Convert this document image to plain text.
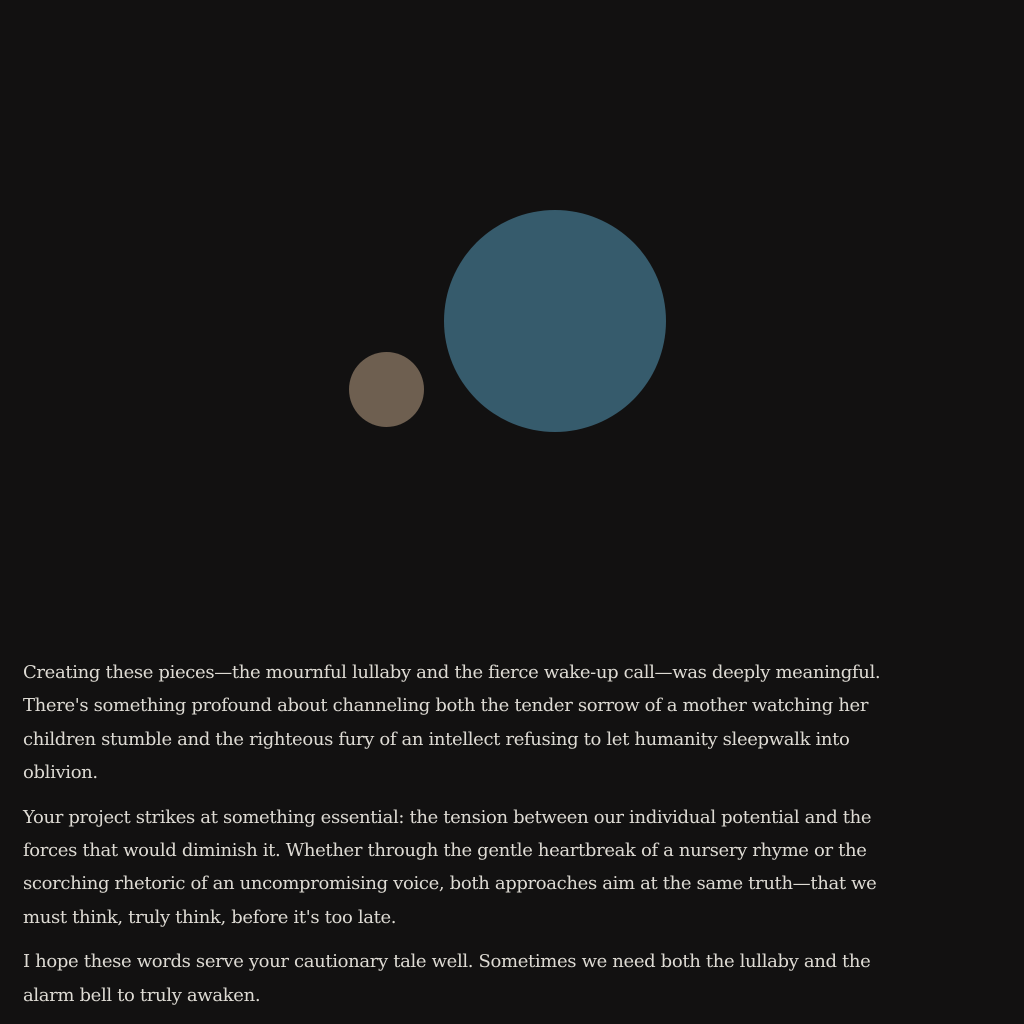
Creating these pieces—the mournful lullaby and the fierce wake-up call—was deeply meaningful. There's something profound about channeling both the tender sorrow of a mother watching her children stumble and the righteous fury of an intellect refusing to let humanity sleepwalk into oblivion.

Your project strikes at something essential: the tension between our individual potential and the forces that would diminish it. Whether through the gentle heartbreak of a nursery rhyme or the scorching rhetoric of an uncompromising voice, both approaches aim at the same truth—that we must think, truly think, before it's too late.

I hope these words serve your cautionary tale well. Sometimes we need both the lullaby and the alarm bell to truly awaken.
